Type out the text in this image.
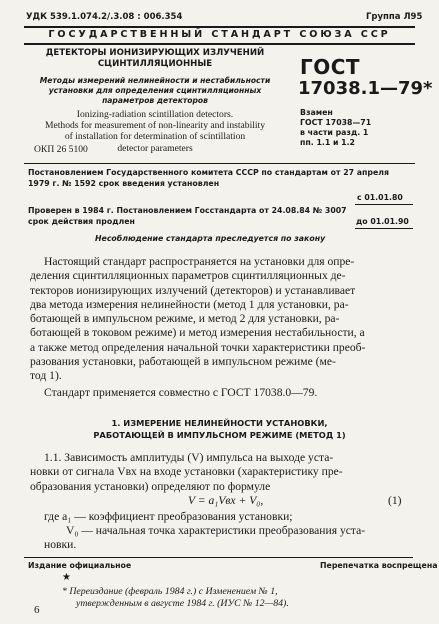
УДК 539.1.074.2/.3.08 : 006.354	Группа Л95
ГОСУДАРСТВЕННЫЙ СТАНДАРТ СОЮЗА ССР
ДЕТЕКТОРЫ ИОНИЗИРУЮЩИХ ИЗЛУЧЕНИЙ
СЦИНТИЛЛЯЦИОННЫЕ
Методы измерений нелинейности и нестабильности
установки для определения сцинтилляционных
параметров детекторов
Ionizing-radiation scintillation detectors.
Methods for measurement of non-linearity and instability
of installation for determination of scintillation
detector parameters
ОКП 26 5100
ГОСТ
17038.1—79*
Взамен
ГОСТ 17038—71
в части разд. 1
пп. 1.1 и 1.2
Постановлением Государственного комитета СССР по стандартам от 27 апреля
1979 г. № 1592 срок введения установлен
с 01.01.80
Проверен в 1984 г. Постановлением Госстандарта от 24.08.84 № 3007
срок действия продлен	до 01.01.90
Несоблюдение стандарта преследуется по закону
Настоящий стандарт распространяется на установки для опре-
деления сцинтилляционных параметров сцинтилляционных де-
текторов ионизирующих излучений (детекторов) и устанавливает
два метода измерения нелинейности (метод 1 для установки, ра-
ботающей в импульсном режиме, и метод 2 для установки, ра-
ботающей в токовом режиме) и метод измерения нестабильности, а
а также метод определения начальной точки характеристики преоб-
разования установки, работающей в импульсном режиме (ме-
тод 1).
Стандарт применяется совместно с ГОСТ 17038.0—79.
1. ИЗМЕРЕНИЕ НЕЛИНЕЙНОСТИ УСТАНОВКИ,
РАБОТАЮЩЕЙ В ИМПУЛЬСНОМ РЕЖИМЕ (МЕТОД 1)
1.1. Зависимость амплитуды (V) импульса на выходе уста-
новки от сигнала Vвх на входе установки (характеристику пре-
образования установки) определяют по формуле
V = a₁Vвх + V₀,	(1)
где a₁ — коэффициент преобразования установки;
V₀ — начальная точка характеристики преобразования уста-
новки.
Издание официальное	Перепечатка воспрещена
★
* Переиздание (февраль 1984 г.) с Изменением № 1,
утвержденным в августе 1984 г. (ИУС № 12—84).
6
